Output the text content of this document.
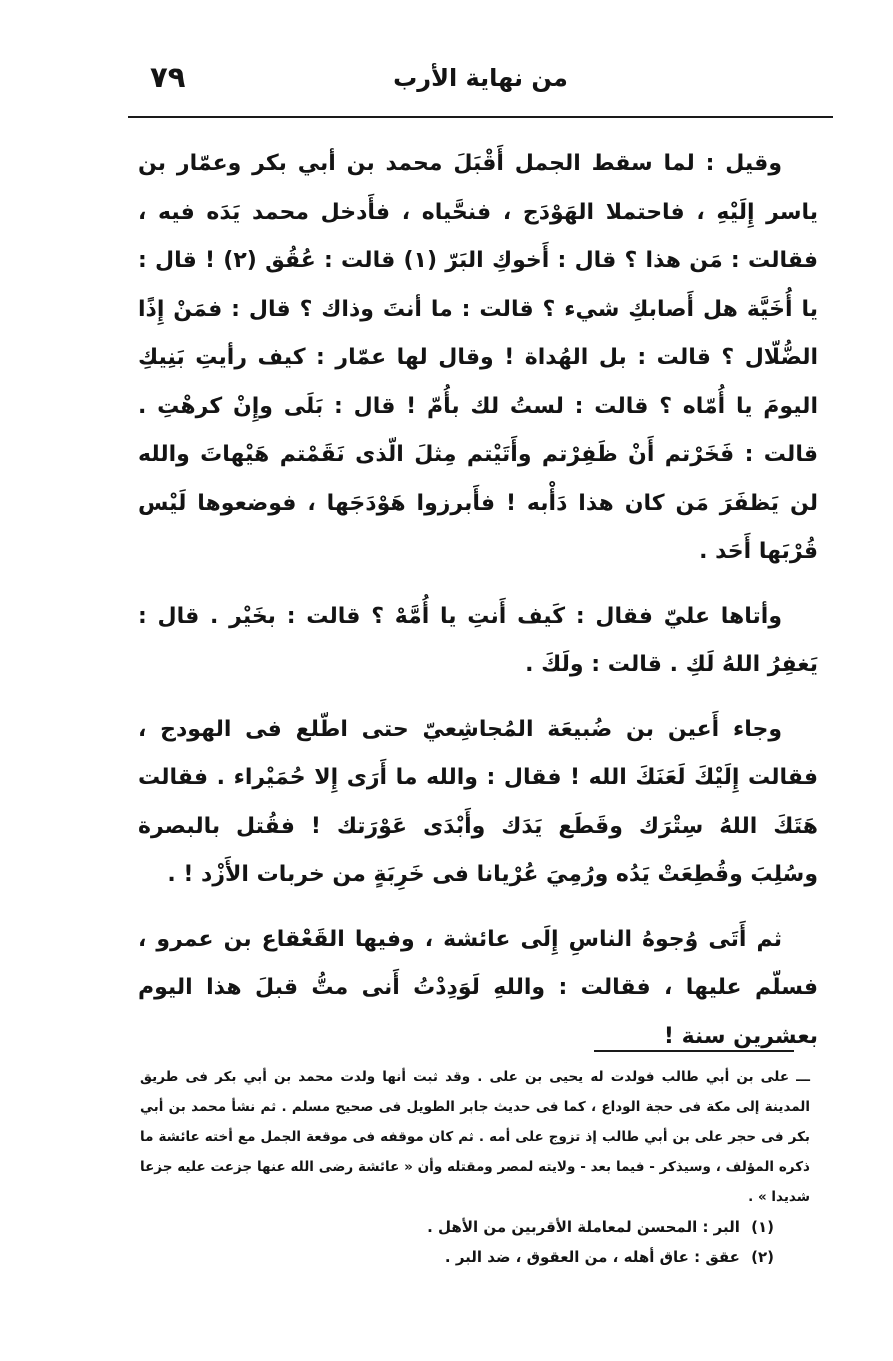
٧٩	من نهاية الأرب

وقيل : لما سقط الجمل أَقْبَلَ محمد بن أبي بكر وعمّار بن ياسر إِلَيْهِ ، فاحتملا الهَوْدَج ، فنحَّياه ، فأَدخل محمد يَدَه فيه ، فقالت : مَن هذا ؟ قال : أَخوكِ البَرّ (١) قالت : عُقُق (٢) ! قال : يا أُخَيَّة هل أَصابكِ شيء ؟ قالت : ما أنتَ وذاك ؟ قال : فمَنْ إِذًا الضُّلّال ؟ قالت : بل الهُداة ! وقال لها عمّار : كيف رأيتِ بَنِيكِ اليومَ يا أُمّاه ؟ قالت : لستُ لك بأُمّ ! قال : بَلَى وإِنْ كرهْتِ . قالت : فَخَرْتم أَنْ ظَفِرْتم وأَتَيْتم مِثلَ الّذى نَقَمْتم هَيْهاتَ والله لن يَظفَرَ مَن كان هذا دَأْبه ! فأَبرزوا هَوْدَجَها ، فوضعوها لَيْس قُرْبَها أَحَد .

وأتاها عليّ فقال : كَيف أَنتِ يا أُمَّهْ ؟ قالت : بخَيْر . قال : يَغفِرُ اللهُ لَكِ . قالت : ولَكَ .

وجاء أَعين بن ضُبيعَة المُجاشِعيّ حتى اطّلع فى الهودج ، فقالت إِلَيْكَ لَعَنَكَ الله ! فقال : والله ما أَرَى إِلا حُمَيْراء . فقالت هَتَكَ اللهُ سِتْرَك وقَطَع يَدَك وأَبْدَى عَوْرَتك ! فقُتل بالبصرة وسُلِبَ وقُطِعَتْ يَدُه ورُمِيَ عُرْيانا فى خَرِبَةٍ من خربات الأَزْد ! .

ثم أَتَى وُجوهُ الناسِ إِلَى عائشة ، وفيها القَعْقاع بن عمرو ، فسلّم عليها ، فقالت : واللهِ لَوَدِدْتُ أَنى متُّ قبلَ هذا اليوم بعشرين سنة !

ـــ على بن أبي طالب فولدت له يحيى بن على . وقد ثبت أنها ولدت محمد بن أبي بكر فى طريق المدينة إلى مكة فى حجة الوداع ، كما فى حديث جابر الطويل فى صحيح مسلم . ثم نشأ محمد بن أبي بكر فى حجر على بن أبي طالب إذ تزوج على أمه . ثم كان موقفه فى موقعة الجمل مع أخته عائشة ما ذكره المؤلف ، وسيذكر - فيما بعد - ولايته لمصر ومقتله وأن « عائشة رضى الله عنها جزعت عليه جزعا شديدا » .

(١) البر : المحسن لمعاملة الأقربين من الأهل .

(٢) عقق : عاق أهله ، من العقوق ، ضد البر .
